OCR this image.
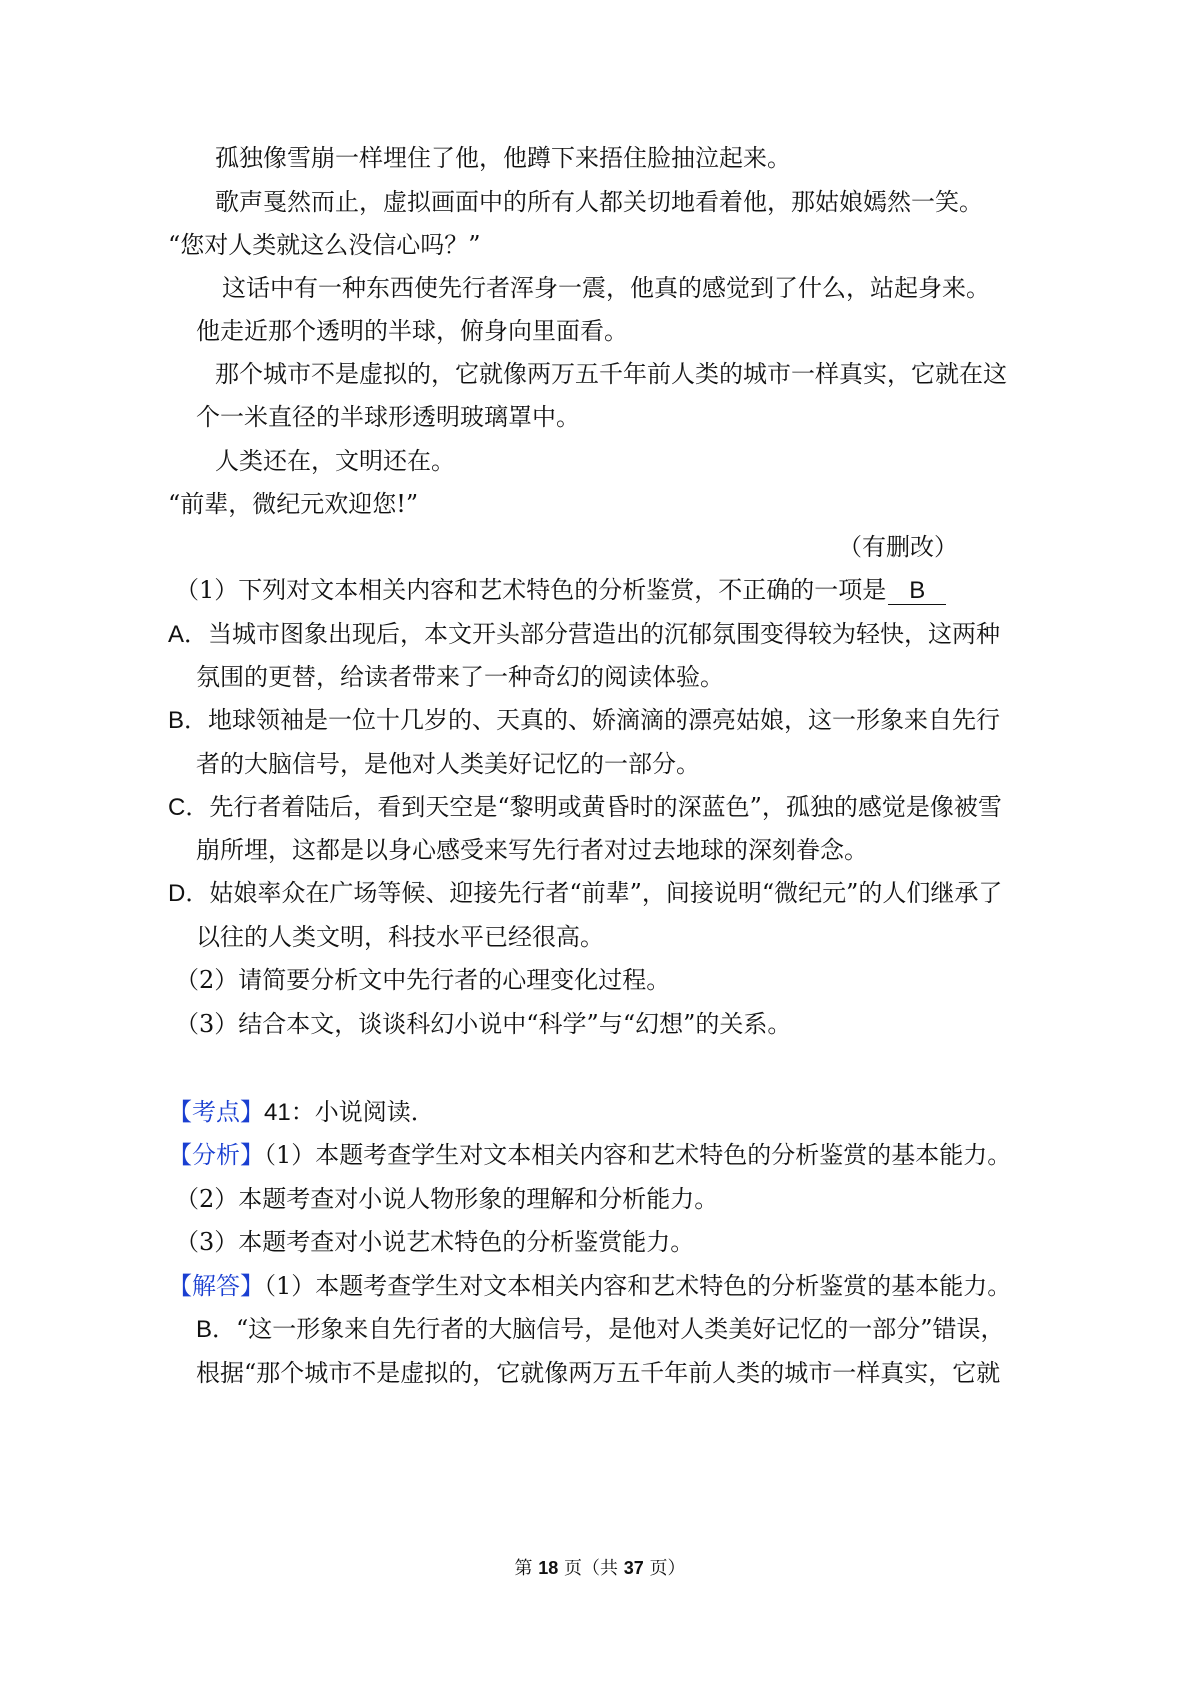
孤独像雪崩一样埋住了他，他蹲下来捂住脸抽泣起来。
歌声戛然而止，虚拟画面中的所有人都关切地看着他，那姑娘嫣然一笑。
“您对人类就这么没信心吗？”
这话中有一种东西使先行者浑身一震，他真的感觉到了什么，站起身来。
他走近那个透明的半球，俯身向里面看。
那个城市不是虚拟的，它就像两万五千年前人类的城市一样真实，它就在这
个一米直径的半球形透明玻璃罩中。
人类还在，文明还在。
“前辈，微纪元欢迎您!”
（有删改）
（1）下列对文本相关内容和艺术特色的分析鉴赏，不正确的一项是 B
A．当城市图象出现后，本文开头部分营造出的沉郁氛围变得较为轻快，这两种
氛围的更替，给读者带来了一种奇幻的阅读体验。
B．地球领袖是一位十几岁的、天真的、娇滴滴的漂亮姑娘，这一形象来自先行
者的大脑信号，是他对人类美好记忆的一部分。
C．先行者着陆后，看到天空是“黎明或黄昏时的深蓝色”，孤独的感觉是像被雪
崩所埋，这都是以身心感受来写先行者对过去地球的深刻眷念。
D．姑娘率众在广场等候、迎接先行者“前辈”，间接说明“微纪元”的人们继承了
以往的人类文明，科技水平已经很高。
（2）请简要分析文中先行者的心理变化过程。
（3）结合本文，谈谈科幻小说中“科学”与“幻想”的关系。
【考点】41：小说阅读．
【分析】（1）本题考查学生对文本相关内容和艺术特色的分析鉴赏的基本能力。
（2）本题考查对小说人物形象的理解和分析能力。
（3）本题考查对小说艺术特色的分析鉴赏能力。
【解答】（1）本题考查学生对文本相关内容和艺术特色的分析鉴赏的基本能力。
B．“这一形象来自先行者的大脑信号，是他对人类美好记忆的一部分”错误，
根据“那个城市不是虚拟的，它就像两万五千年前人类的城市一样真实，它就
第 18 页（共 37 页）
